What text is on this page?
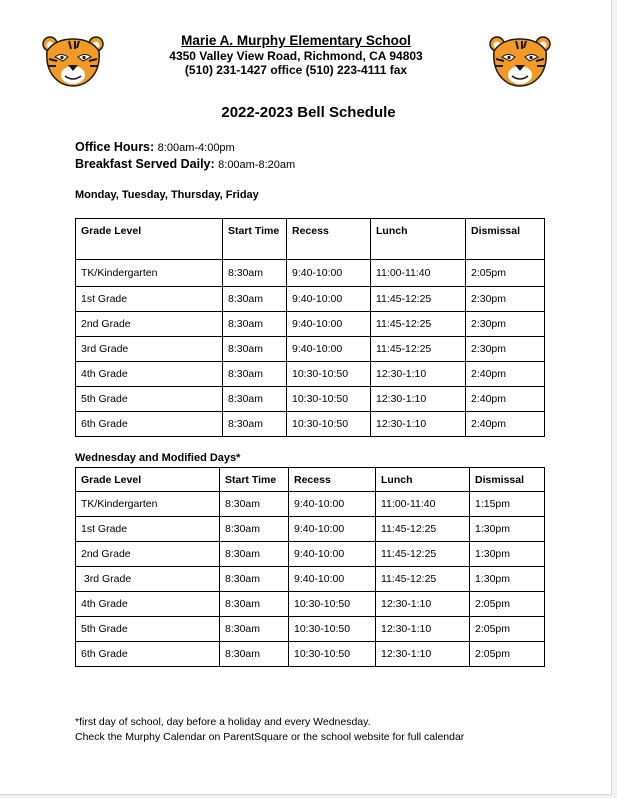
Marie A. Murphy Elementary School
4350 Valley View Road, Richmond, CA 94803
(510) 231-1427 office (510) 223-4111 fax
2022-2023 Bell Schedule
Office Hours: 8:00am-4:00pm
Breakfast Served Daily: 8:00am-8:20am
Monday, Tuesday, Thursday, Friday
Grade Level	Start Time	Recess	Lunch	Dismissal
TK/Kindergarten	8:30am	9:40-10:00	11:00-11:40	2:05pm
1st Grade	8:30am	9:40-10:00	11:45-12:25	2:30pm
2nd Grade	8:30am	9:40-10:00	11:45-12:25	2:30pm
3rd Grade	8:30am	9:40-10:00	11:45-12:25	2:30pm
4th Grade	8:30am	10:30-10:50	12:30-1:10	2:40pm
5th Grade	8:30am	10:30-10:50	12:30-1:10	2:40pm
6th Grade	8:30am	10:30-10:50	12:30-1:10	2:40pm
Wednesday and Modified Days*
Grade Level	Start Time	Recess	Lunch	Dismissal
TK/Kindergarten	8:30am	9:40-10:00	11:00-11:40	1:15pm
1st Grade	8:30am	9:40-10:00	11:45-12:25	1:30pm
2nd Grade	8:30am	9:40-10:00	11:45-12:25	1:30pm
3rd Grade	8:30am	9:40-10:00	11:45-12:25	1:30pm
4th Grade	8:30am	10:30-10:50	12:30-1:10	2:05pm
5th Grade	8:30am	10:30-10:50	12:30-1:10	2:05pm
6th Grade	8:30am	10:30-10:50	12:30-1:10	2:05pm
*first day of school, day before a holiday and every Wednesday.
Check the Murphy Calendar on ParentSquare or the school website for full calendar
